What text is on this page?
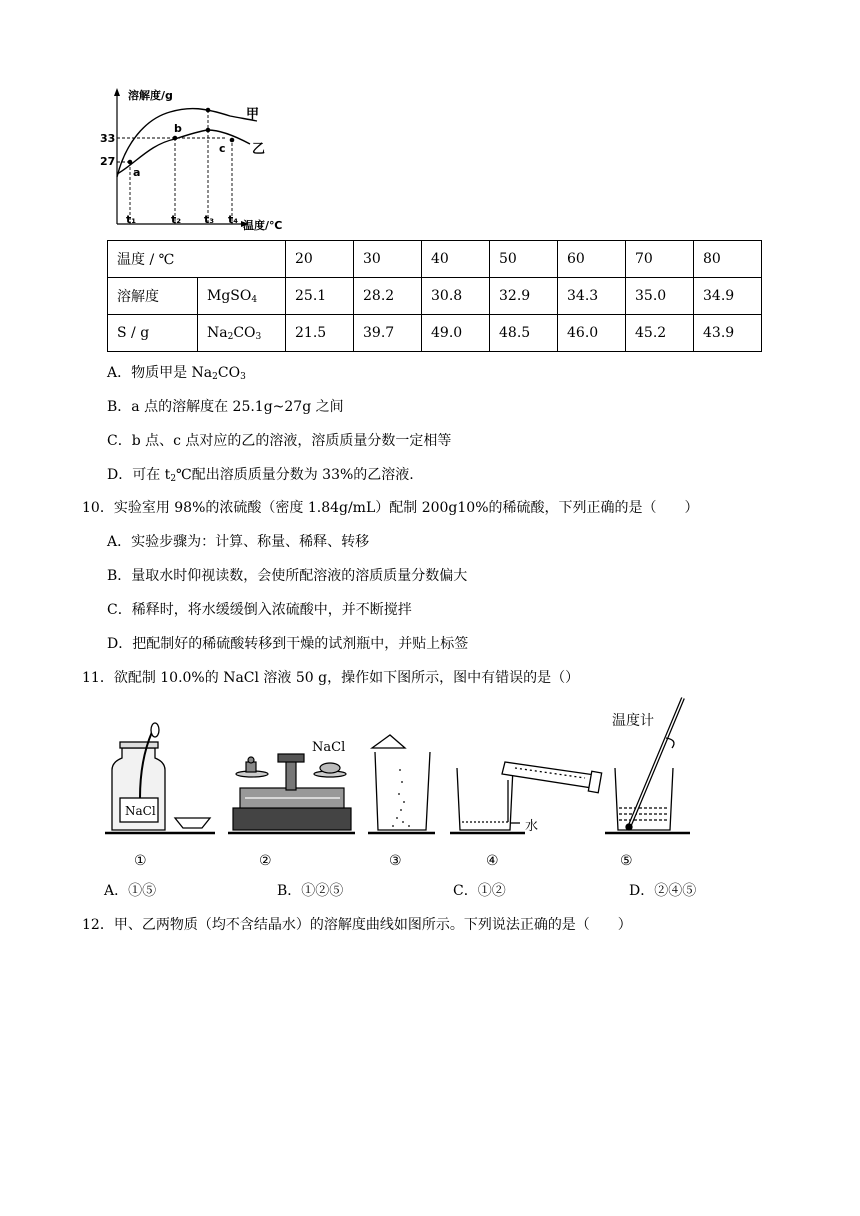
溶解度/g
温度/℃
33
27
t₁	t₂ t₃ t₄
甲
乙
a
b
c
温度 / ℃		20	30	40	50	60	70	80
溶解度	MgSO$_4$	25.1	28.2	30.8	32.9	34.3	35.0	34.9
S / g	$Na_2CO_3$	21.5	39.7	49.0	48.5	46.0	45.2	43.9
A．物质甲是 $Na_2CO_3$
B．a 点的溶解度在 25.1g~27g 之间
C．b 点、c 点对应的乙的溶液，溶质质量分数一定相等
D．可在 $t_2℃$配出溶质质量分数为 33%的乙溶液.
10．实验室用 98%的浓硫酸（密度 1.84g/mL）配制 200g10%的稀硫酸，下列正确的是（　　）
A．实验步骤为：计算、称量、稀释、转移
B．量取水时仰视读数，会使所配溶液的溶质质量分数偏大
C．稀释时，将水缓缓倒入浓硫酸中，并不断搅拌
D．把配制好的稀硫酸转移到干燥的试剂瓶中，并贴上标签
11．欲配制 10.0%的 NaCl 溶液 50 g，操作如下图所示，图中有错误的是（）
NaCl
NaCl
水
温度计
①	②	③	④	⑤
A．①⑤	B．①②⑤	C．①②	D．②④⑤
12．甲、乙两物质（均不含结晶水）的溶解度曲线如图所示。下列说法正确的是（　　）
